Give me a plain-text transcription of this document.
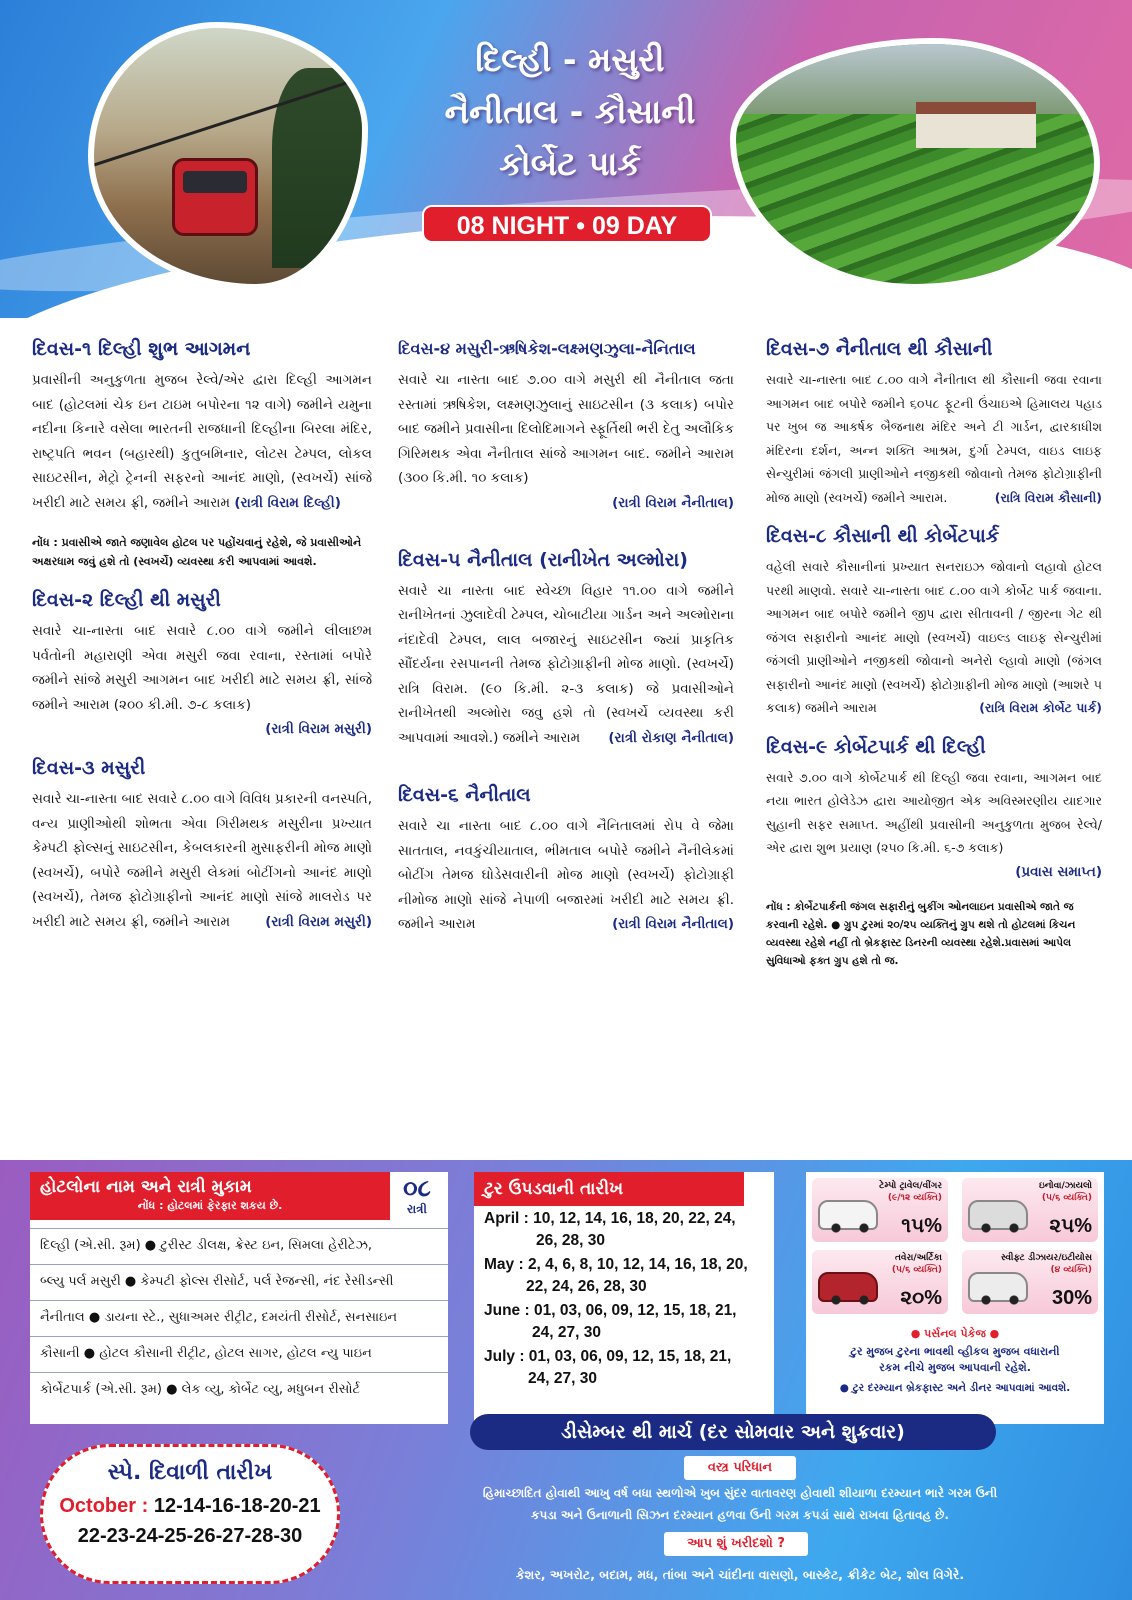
દિલ્હી - મસુરી
નૈનીતાલ - કૌસાની
કોર્બેટ પાર્ક
08 NIGHT • 09 DAY
દિવસ-૧ દિલ્હી શુભ આગમન

પ્રવાસીની અનુકુળતા મુજબ રેલ્વે/એર દ્વારા દિલ્હી આગમન બાદ (હોટલમાં ચેક ઇન ટાઇમ બપોરના ૧૨ વાગે) જમીને યમુના નદીના કિનારે વસેલા ભારતની રાજધાની દિલ્હીના બિરલા મંદિર, રાષ્ટ્રપતિ ભવન (બહારથી) કુતુબમિનાર, લોટસ ટેમ્પલ, લોકલ સાઇટસીન, મેટ્રો ટ્રેનની સફરનો આનંદ માણો, (સ્વખર્ચે) સાંજે ખરીદી માટે સમય ફ્રી, જમીને આરામ (રાત્રી વિરામ દિલ્હી)

નોંધ : પ્રવાસીએ જાતે જણાવેલ હોટલ પર પહોંચવાનું રહેશે, જે પ્રવાસીઓને અક્ષરધામ જવું હશે તો (સ્વખર્ચે) વ્યવસ્થા કરી આપવામાં આવશે.
દિવસ-૨ દિલ્હી થી મસુરી

સવારે ચા-નાસ્તા બાદ સવારે ૮.૦૦ વાગે જમીને લીલાછમ પર્વતોની મહારાણી એવા મસુરી જવા રવાના, રસ્તામાં બપોરે જમીને સાંજે મસુરી આગમન બાદ ખરીદી માટે સમય ફ્રી, સાંજે જમીને આરામ (૨૦૦ કી.મી. ૭-૮ કલાક)

(રાત્રી વિરામ મસુરી)
દિવસ-૩ મસુરી

સવારે ચા-નાસ્તા બાદ સવારે ૮.૦૦ વાગે વિવિધ પ્રકારની વનસ્પતિ, વન્ય પ્રાણીઓથી શોભતા એવા ગિરીમથક મસુરીના પ્રખ્યાત કેમ્પટી ફોલ્સનું સાઇટસીન, કેબલકારની મુસાફરીની મોજ માણો (સ્વખર્ચે), બપોરે જમીને મસુરી લેકમાં બોટીંગનો આનંદ માણો (સ્વખર્ચે), તેમજ ફોટોગ્રાફીનો આનંદ માણો સાંજે માલરોડ પર ખરીદી માટે સમય ફ્રી, જમીને આરામ	(રાત્રી વિરામ મસુરી)

દિવસ-૪ મસુરી-ઋષિકેશ-લક્ષ્મણઝુલા-નૈનિતાલ

સવારે ચા નાસ્તા બાદ ૭.૦૦ વાગે મસુરી થી નૈનીતાલ જતા રસ્તામાં ઋષિકેશ, લક્ષ્મણઝુલાનું સાઇટસીન (૩ કલાક) બપોર બાદ જમીને પ્રવાસીના દિલોદિમાગને સ્ફૂર્તિથી ભરી દેતુ અલૌકિક ગિરિમથક એવા નૈનીતાલ સાંજે આગમન બાદ. જમીને આરામ (૩૦૦ કિ.મી. ૧૦ કલાક)

(રાત્રી વિરામ નૈનીતાલ)
દિવસ-૫ નૈનીતાલ (રાનીખેત અલ્મોરા)

સવારે ચા નાસ્તા બાદ સ્વેચ્છા વિહાર ૧૧.૦૦ વાગે જમીને રાનીખેતનાં ઝુલાદેવી ટેમ્પલ, ચોબાટીયા ગાર્ડન અને અલ્મોરાના નંદાદેવી ટેમ્પલ, લાલ બજારનું સાઇટસીન જ્યાં પ્રાકૃતિક સૌંદર્યના રસપાનની તેમજ ફોટોગ્રાફીની મોજ માણો. (સ્વખર્ચે) રાત્રિ વિરામ. (૯૦ કિ.મી. ૨-૩ કલાક) જે પ્રવાસીઓને રાનીખેતથી અલ્મોરા જવુ હશે તો (સ્વખર્ચે વ્યવસ્થા કરી આપવામાં આવશે.) જમીને આરામ (રાત્રી રોકાણ નૈનીતાલ)

દિવસ-૬ નૈનીતાલ

સવારે ચા નાસ્તા બાદ ૮.૦૦ વાગે નૈનિતાલમાં રોપ વે જેમા સાતતાલ, નવકુંચીયાતાલ, ભીમતાલ બપોરે જમીને નૈનીલેકમાં બોટીંગ તેમજ ઘોડેસવારીની મોજ માણો (સ્વખર્ચે) ફોટોગ્રાફી નીમોજ માણો સાંજે નેપાળી બજારમાં ખરીદી માટે સમય ફ્રી. જમીને આરામ	(રાત્રી વિરામ નૈનીતાલ)

દિવસ-૭ નૈનીતાલ થી કૌસાની

સવારે ચા-નાસ્તા બાદ ૮.૦૦ વાગે નૈનીતાલ થી કૌસાની જવા રવાના આગમન બાદ બપોરે જમીને ૬૦૫૮ ફૂટની ઉંચાઇએ હિમાલય પહાડ પર ખુબ જ આકર્ષક બૈજનાથ મંદિર અને ટી ગાર્ડન, દ્વારકાધીશ મંદિરના દર્શન, અન્ન શક્તિ આશ્રમ, દુર્ગા ટેમ્પલ, વાઇડ લાઇફ સેન્ચુરીમાં જંગલી પ્રાણીઓને નજીકથી જોવાનો તેમજ ફોટોગ્રાફીની મોજ માણો (સ્વખર્ચે) જમીને આરામ.	(રાત્રિ વિરામ કૌસાની)

દિવસ-૮ કૌસાની થી કોર્બેટપાર્ક

વહેલી સવારે કૌસાનીનાં પ્રખ્યાત સનરાઇઝ જોવાનો લહાવો હોટલ પરથી માણવો. સવારે ચા-નાસ્તા બાદ ૮.૦૦ વાગે કોર્બેટ પાર્ક જવાના. આગમન બાદ બપોરે જમીને જીપ દ્વારા સીતાવની / જીરના ગેટ થી જંગલ સફારીનો આનંદ માણો (સ્વખર્ચે) વાઇલ્ડ લાઇફ સેન્ચુરીમાં જંગલી પ્રાણીઓને નજીકથી જોવાનો અનેરો લ્હાવો માણો (જંગલ સફારીનો આનંદ માણો (સ્વખર્ચે) ફોટોગ્રાફીની મોજ માણો (આશરે ૫ કલાક) જમીને આરામ	(રાત્રિ વિરામ કોર્બેટ પાર્ક)

દિવસ-૯ કોર્બેટપાર્ક થી દિલ્હી

સવારે ૭.૦૦ વાગે કોર્બેટપાર્ક થી દિલ્હી જવા રવાના, આગમન બાદ નયા ભારત હોલેડેઝ દ્વારા આયોજીત એક અવિસ્મરણીય યાદગાર સુહાની સફર સમાપ્ત. અહીંથી પ્રવાસીની અનુકુળતા મુજબ રેલ્વે/એર દ્વારા શુભ પ્રયાણ (૨૫૦ કિ.મી. ૬-૭ કલાક)

(પ્રવાસ સમાપ્ત)
નોંધ : કોર્બેટપાર્કની જંગલ સફારીનું બુકીંગ ઓનલાઇન પ્રવાસીએ જાતે જ કરવાની રહેશે. ● ગ્રુપ ટુરમાં ૨૦/૨૫ વ્યક્તિનું ગ્રુપ થશે તો હોટલમાં કિચન વ્યવસ્થા રહેશે નહીં તો બ્રેકફાસ્ટ ડિનરની વ્યવસ્થા રહેશે.પ્રવાસમાં આપેલ સુવિધાઓ ફક્ત ગ્રુપ હશે તો જ.
હોટલોના નામ અને રાત્રી મુકામ
નોંધ : હોટલમાં ફેરફાર શકય છે.
૦૮
રાત્રી
દિલ્હી (એ.સી. રૂમ) ● ટુરીસ્ટ ડીલક્ષ, ક્રેસ્ટ ઇન, સિમલા હેરીટેઝ,
બ્લ્યુ પર્લ મસુરી ● કેમ્પટી ફોલ્સ રીસોર્ટ, પર્લ રેજન્સી, નંદ રેસીડન્સી
નૈનીતાલ ● ડાયના સ્ટે., સુધાઅમર રીટ્રીટ, દમયંતી રીસોર્ટ, સનસાઇન
કૌસાની ● હોટલ કૌસાની રીટ્રીટ, હોટલ સાગર, હોટલ ન્યુ પાઇન
કોર્બેટપાર્ક (એ.સી. રૂમ) ● લેક વ્યુ, કોર્બેટ વ્યુ, મધુબન રીસોર્ટ
ટુર ઉપડવાની તારીખ
April : 10, 12, 14, 16, 18, 20, 22, 24,
26, 28, 30
May : 2, 4, 6, 8, 10, 12, 14, 16, 18, 20,
22, 24, 26, 28, 30
June : 01, 03, 06, 09, 12, 15, 18, 21,
24, 27, 30
July : 01, 03, 06, 09, 12, 15, 18, 21,
24, 27, 30
ટેમ્પો ટ્રાવેલ/વીંગર
(૯/૧૨ વ્યક્તિ)
૧૫%
ઇનોવા/ઝાયલો
(૫/૬ વ્યક્તિ)
૨૫%
તવેરા/અર્ટિકા
(૫/૬ વ્યક્તિ)
૨૦%
સ્વીફ્ટ ડીઝાયર/ઇટીયોસ
(૪ વ્યક્તિ)
30%
● પર્સનલ પેકેજ ●
ટુર મુજબ ટુરના ભાવથી વ્હીકલ મુજબ વધારાની
રકમ નીચે મુજબ આપવાની રહેશે.
● ટુર દરમ્યાન બ્રેકફાસ્ટ અને ડીનર આપવામાં આવશે.
ડીસેમ્બર થી માર્ચ (દર સોમવાર અને શુક્રવાર)
સ્પે. દિવાળી તારીખ
October : 12-14-16-18-20-21
22-23-24-25-26-27-28-30
વસ્ત્ર પરિધાન
હિમાચ્છાદિત હોવાથી આખુ વર્ષ બધા સ્થળોએ ખુબ સુંદર વાતાવરણ હોવાથી શીયાળા દરમ્યાન ભારે ગરમ ઉની
કપડા અને ઉનાળાની સિઝન દરમ્યાન હળવા ઉની ગરમ કપડાં સાથે રાખવા હિતાવહ છે.
આપ શું ખરીદશો ?
કેશર, અખરોટ, બદામ, મધ, તાંબા અને ચાંદીના વાસણો, બાસ્કેટ, ક્રીકેટ બેટ, શોલ વિગેરે.
